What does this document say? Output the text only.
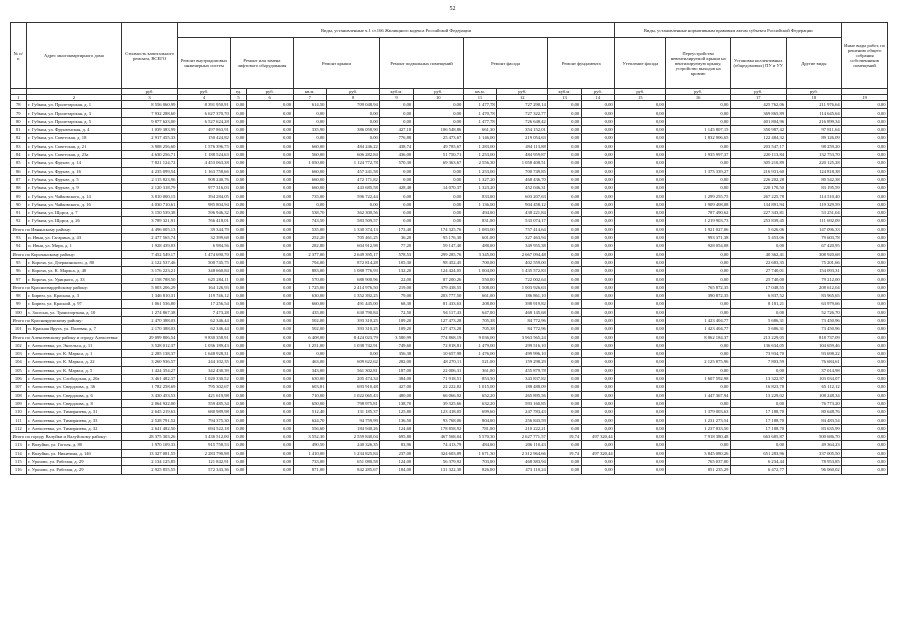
52
№ п/п	Адрес многоквартирного дома	Стоимость капитального ремонта, ВСЕГО	Виды, установленные ч.1 ст.166 Жилищного кодекса Российской Федерации											Виды, установленные нормативным правовым актом субъекта Российской Федерации				Иные виды работ, по решению общего собрания собственников помещений
			Ремонт внутридомовых инженерных систем	Ремонт или замена лифтового оборудования		Ремонт крыши		Ремонт подвальных помещений		Ремонт фасада		Ремонт фундамента		Утепление фасада	Переустройство невентилируемой крыши на вентилируемую крышу, устройство выходов на кровлю	Установка коллективных (общедомовых) ПУ и УУ	Другие виды	

		руб.	руб.	ед.	руб.	кв.м.	руб.	куб.м.	руб.	кв.м.	руб.	куб.м.	руб.	руб.	руб.	руб.	руб.	
1	2	3	4	5	6	7	8	9	10	11	12	13	14	15	16	17	18	19
78	г. Губкин, ул. Пролетарская, д. 1	8 556 060,99	8 391 950,91	0,00	0,00	614,50	709 048,94	0,00	0,00	1 477,78	727 290,14	0,00	0,00	0,00	0,00	425 762,06	211 976,64	0,00
79	г. Губкин, ул. Пролетарская, д. 3	7 932 288,60	6 627 370,70	0,00	0,00	0,00	0,00	0,00	0,00	1 470,78	727 322,77	0,00	0,00	0,00	0,00	369 865,89	114 645,64	0,00
80	г. Губкин, ул. Пролетарская, д. 5	9 877 623,00	6 527 624,28	0,00	0,00	0,00	0,00	0,00	0,00	1 477,78	726 648,42	0,00	0,00	0,00	0,00	401 804,96	216 899,34	0,00
81	г. Губкин, ул. Фрунзенская, д. 4	1 039 383,99	497 863,91	0,00	0,00	335,90	386 058,90	427,18	106 548,86	661,30	354 152,01	0,00	0,00	0,00	1 145 807,15	350 987,42	97 811,64	0,00
82	г. Губкин, ул. Советская, д. 18	2 917 455,33	150 424,82	0,00	0,00	0,00	0,00	776,88	25 473,67	1 146,00	219 054,63	0,00	0,00	0,00	1 832 906,65	122 484,32	89 126,09	0,00
83	г. Губкин, ул. Советская, д. 21	3 908 256,60	1 576 396,75	0,00	0,00	660,00	484 246,22	438,74	49 785,67	1 283,00	494 113,88	0,00	0,00	0,00	0,00	203 547,17	98 259,20	0,00
84	г. Губкин, ул. Советская, д. 23а	4 630 256,71	1 188 524,63	0,00	0,00	560,00	606 282,84	436,00	51 750,71	1 253,00	484 959,87	0,00	0,00	0,00	1 935 997,37	220 113,84	132 753,70	0,00
85	г. Губкин, ул. Фрунзе, д. 14	7 821 124,72	4 453 063,38	0,00	0,00	1 050,00	1 124 772,78	570,30	69 363,67	2 556,30	1 058 408,51	0,00	0,00	0,00	0,00	305 210,89	220 125,28	0,00
86	г. Губкин, ул. Фрунзе, д. 16	4 235 099,54	1 163 758,66	0,00	0,00	660,00	457 241,58	0,00	0,00	1 253,00	700 749,85	0,00	0,00	0,00	1 375 339,27	216 931,60	124 818,38	0,00
87	г. Губкин, ул. Фрунзе, д. 5	2 115 823,96	908 240,76	0,00	0,00	660,00	472 171,82	0,00	0,00	1 327,20	468 436,70	0,00	0,00	0,00	0,00	226 202,28	80 542,38	0,00
88	г. Губкин, ул. Фрунзе, д. 9	2 120 318,79	977 316,03	0,00	0,00	660,00	443 685,58	428,48	14 070,37	1 323,20	452 046,31	0,00	0,00	0,00	0,00	220 170,50	83 195,59	0,00
89	г. Губкин, ул. Чайковского, д. 14	3 810 000,15	394 284,05	0,00	0,00	735,00	596 722,44	0,00	0,00	833,00	603 207,63	0,00	0,00	0,00	1 299 255,75	267 225,78	114 510,40	0,00
90	г. Губкин, ул. Чайковского, д. 16	4 030 710,61	985 804,94	0,00	0,00	0,00	0,00	0,00	0,00	1 136,00	904 458,12	0,00	0,00	0,00	1 909 408,08	134 891,94	119 329,59	0,00
91	г. Губкин, ул. Щорса, д. 7	3 150 539,38	596 946,32	0,00	0,00	538,70	362 300,56	0,00	0,00	494,00	438 221,84	0,00	0,00	0,00	787 490,62	227 343,81	53 251,04	0,00
92	г. Губкин, ул. Щорса, д. 26	3 789 321,91	766 418,01	0,00	0,00	743,50	583 509,57	0,00	0,00	831,00	533 074,17	0,00	0,00	0,00	1 219 903,73	253 839,45	111 692,09	0,00
Итого по Ивнянскому району:		4 496 005,13	39 344,79	0,00	0,00	535,00	1 330 374,13	173,40	174 325,76	1 083,00	757 414,64	0,00	0,00	0,00	1 921 027,06	5 626,06	147 096,33	0,00
93	п. Ивня, ул. Гагарина, д. 43	2 477 565,74	32 399,68	0,00	0,00	252,20	705 461,25	36,20	95 176,30	601,00	327 463,94	0,00	0,00	0,00	993 371,38	5 453,06	79 603,78	0,00
94	п. Ивня, ул. Мира, д. 1	1 928 439,03	6 984,56	0,00	0,00	282,80	604 912,98	77,20	59 147,40	488,00	349 955,38	0,00	0,00	0,00	928 054,08	0,00	67 420,95	0,00
Итого по Корочанскому району:		7 452 549,17	1 474 690,70	0,00	0,00	2 377,00	2 649 395,17	578,53	299 285,76	3 345,00	2 667 094,48	0,00	0,00	0,00	0,00	40 362,41	308 920,68	0,00
95	г. Короча, ул. Дзержинского, д. 80	2 122 537,46	500 745,75	0,00	0,00	794,00	872 814,28	105,30	98 452,45	700,00	402 559,00	0,00	0,00	0,00	0,00	22 683,35	75 201,66	0,00
96	г. Короча, ул. К. Маркса, д. 40	3 176 223,21	348 660,84	0,00	0,00	883,00	1 088 776,93	132,20	124 424,05	1 004,00	1 435 572,83	0,00	0,00	0,00	0,00	27 740,01	154 093,31	0,00
97	г. Короча, ул. Урицкого, д. 33	2 158 788,50	625 284,11	0,00	0,00	570,00	688 900,96	22,00	87 200,26	550,00	722 002,64	0,00	0,00	0,00	0,00	25 740,00	79 212,00	0,00
Итого по Красногвардейскому району:		5 003 206,29	164 126,93	0,00	0,00	1 725,00	2 414 976,50	219,00	379 438,55	1 508,00	1 003 926,63	0,00	0,00	0,00	765 872,35	17 048,55	208 612,04	0,00
98	г. Бирюч, ул. Красная, д. 3	1 346 810,31	119 746,12	0,00	0,00	630,00	1 352 392,25	79,00	203 777,50	661,00	186 861,10	0,00	0,00	0,00	390 872,35	6 837,52	83 965,65	0,00
99	г. Бирюч, ул. Красной, д. 97	1 061 536,80	17 256,54	0,00	0,00	660,00	491 445,00	68,30	81 433,63	208,00	398 919,82	0,00	0,00	0,00	0,00	8 181,21	63 979,66	0,00
100	с. Засосна, ул. Транспортная, д. 10	1 274 867,38	7 473,28	0,00	0,00	435,00	630 790,84	72,50	94 117,43	647,00	468 145,68	0,00	0,00	0,00	0,00	0,00	52 726,70	0,00
Итого по Краснояружскому району:		2 470 388,03	62 346,44	0,00	0,00	502,00	393 310,25	109,20	127 473,28	705,38	84 772,96	0,00	0,00	0,00	1 423 404,77	5 686,31	73 450,96	0,00
101	п. Красная Яруга, ул. Полевая, д. 7	2 170 388,03	62 346,44	0,00	0,00	502,00	393 310,25	109,20	127 473,28	705,38	84 772,96	0,00	0,00	0,00	1 423 404,77	5 686,31	73 450,96	0,00
Итого по Алексеевскому району и городу Алексеевка:		29 099 806,54	9 830 358,91	0,00	0,00	6 408,00	8 424 023,79	3 580,99	774 868,19	9 036,00	3 963 565,24	0,00	0,00	0,00	8 062 184,37	213 229,05	818 737,09	0,00
102	г. Алексеевка, ул. Энгельса, д. 11	3 528 012,37	1 036 189,43	0,00	0,00	1 251,00	1 038 742,91	749,60	72 818,81	1 479,00	299 516,10	0,00	0,00	0,00	0,00	136 634,05	104 659,46	0,00
103	г. Алексеевка, ул. К. Маркса, д. 1	2 285 138,37	1 648 928,31	0,00	0,00	0,00	0,00	356,38	10 657,98	1 476,00	499 996,10	0,00	0,00	0,00	0,00	73 934,70	93 698,22	0,00
104	г. Алексеевка, ул. К. Маркса, д. 22	3 260 936,57	244 102,35	0,00	0,00	463,00	609 622,62	282,00	48 270,11	521,00	159 298,29	0,00	0,00	0,00	2 125 875,96	7 803,59	76 684,61	0,00
105	г. Алексеевка, ул. К. Маркса, д. 5	1 424 354,27	342 430,39	0,00	0,00	343,00	561 302,81	187,00	22 006,31	361,00	455 879,78	0,00	0,00	0,00	0,00	0,00	37 014,98	0,00
106	г. Алексеевка, ул. Слободская, д. 20а	3 461 482,37	1 020 330,52	0,00	0,00	630,00	205 474,34	384,00	71 918,51	853,50	343 837,82	0,00	0,00	0,00	1 607 592,98	13 322,97	103 034,07	0,00
107	г. Алексеевка, ул. Свердлова, д. 36	1 782 258,69	795 302,67	0,00	0,00	603,81	693 910,48	427,00	22 222,82	1 015,00	188 488,09	0,00	0,00	0,00	0,00	16 823,78	65 112,12	0,00
108	г. Алексеевка, ул. Свердлова, д. 6	3 430 453,53	421 619,98	0,00	0,00	710,00	1 022 065,43	480,00	66 066,92	652,20	265 895,56	0,00	0,00	0,00	1 447 367,94	13 229,02	108 248,34	0,00
109	г. Алексеевка, ул. Свердлова, д. 8	2 064 922,00	559 485,34	0,00	0,00	650,00	798 975,81	138,70	39 325,66	632,20	593 160,85	0,00	0,00	0,00	0,00	0,00	76 773,20	0,00
110	г. Алексеевка, ул. Тимирязева, д. 31	2 645 219,63	680 989,98	0,00	0,00	512,40	131 185,37	125,80	123 418,05	699,60	247 783,43	0,00	0,00	0,00	1 379 003,63	17 188,70	80 648,76	0,00
111	г. Алексеевка, ул. Тимирязева, д. 33	2 528 791,52	794 375,30	0,00	0,00	624,70	94 759,99	136,50	93 768,06	804,00	256 843,59	0,00	0,00	0,00	1 231 273,54	17 188,70	84 483,54	0,00
112	г. Алексеевка, ул. Тимирязева, д. 32	2 641 482,50	694 522,18	0,00	0,00	556,60	184 940,26	124,68	178 858,92	781,00	210 222,21	0,00	0,00	0,00	1 237 833,50	17 188,70	83 635,99	0,00
Итого по городу Валуйки и Валуйскому району:		28 375 303,26	3 436 512,00	0,00	0,00	3 552,30	2 559 840,04	695,80	467 568,04	5 570,30	2 627 771,57	19,74	497 320,44	0,00	7 918 380,48	663 685,87	500 686,70	0,00
113	г. Валуйки, ул. Гоголя, д. 80	1 970 109,33	915 758,53	0,00	0,00	490,50	240 326,35	83,96	74 413,79	484,00	206 110,43	0,00	0,00	0,00	0,00	0,00	49 364,23	0,00
114	г. Валуйки, ул. Никитина, д. 14б	13 327 081,55	2 283 790,98	0,00	0,00	1 410,00	1 234 825,84	237,00	324 603,89	1 671,30	2 312 964,66	19,74	497 320,44	0,00	3 845 080,26	651 283,96	337 005,50	0,00
115	г. Уразово, ул. Рабочая, д. 29	2 134 125,85	121 842,91	0,00	0,00	733,00	651 080,58	124,00	56 379,92	703,00	468 383,94	0,00	0,00	0,00	765 037,00	6 234,44	78 953,85	0,00
116	г. Уразово, ул. Рабочая, д. 29	2 925 855,55	572 343,36	0,00	0,00	871,00	842 285,67	184,00	131 322,38	826,00	473 110,24	0,00	0,00	0,00	851 235,29	6 472,77	96 060,02	0,00
